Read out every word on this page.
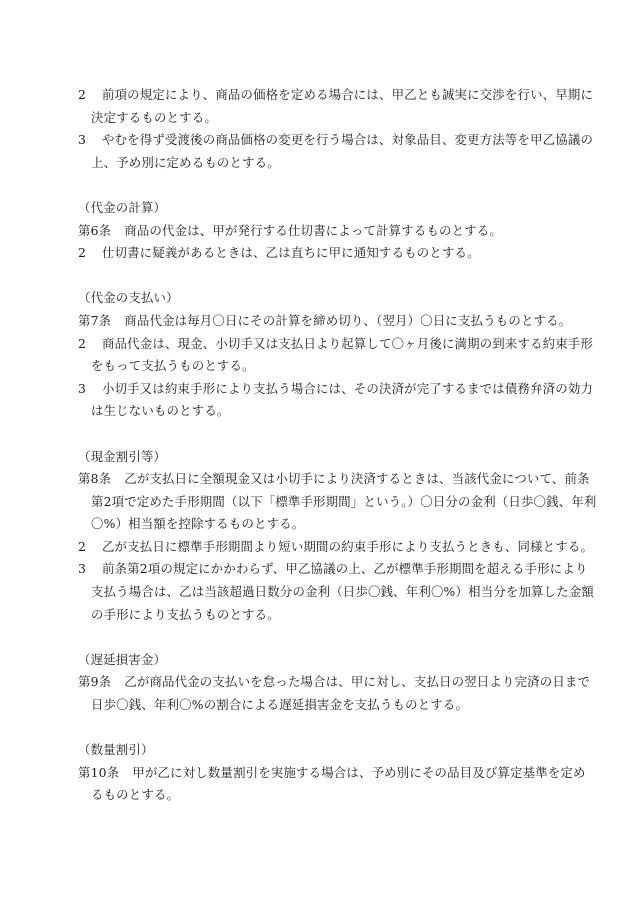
2 前項の規定により、商品の価格を定める場合には、甲乙とも誠実に交渉を行い、早期に
決定するものとする。
3 やむを得ず受渡後の商品価格の変更を行う場合は、対象品目、変更方法等を甲乙協議の
上、予め別に定めるものとする。
（代金の計算）
第6条 商品の代金は、甲が発行する仕切書によって計算するものとする。
2 仕切書に疑義があるときは、乙は直ちに甲に通知するものとする。
（代金の支払い）
第7条 商品代金は毎月〇日にその計算を締め切り、（翌月）〇日に支払うものとする。
2 商品代金は、現金、小切手又は支払日より起算して〇ヶ月後に満期の到来する約束手形
をもって支払うものとする。
3 小切手又は約束手形により支払う場合には、その決済が完了するまでは債務弁済の効力
は生じないものとする。
（現金割引等）
第8条 乙が支払日に全額現金又は小切手により決済するときは、当該代金について、前条
第2項で定めた手形期間（以下「標準手形期間」という。）〇日分の金利（日歩〇銭、年利
〇%）相当額を控除するものとする。
2 乙が支払日に標準手形期間より短い期間の約束手形により支払うときも、同様とする。
3 前条第2項の規定にかかわらず、甲乙協議の上、乙が標準手形期間を超える手形により
支払う場合は、乙は当該超過日数分の金利（日歩〇銭、年利〇%）相当分を加算した金額
の手形により支払うものとする。
（遅延損害金）
第9条 乙が商品代金の支払いを怠った場合は、甲に対し、支払日の翌日より完済の日まで
日歩〇銭、年利〇%の割合による遅延損害金を支払うものとする。
（数量割引）
第10条 甲が乙に対し数量割引を実施する場合は、予め別にその品目及び算定基準を定め
るものとする。
